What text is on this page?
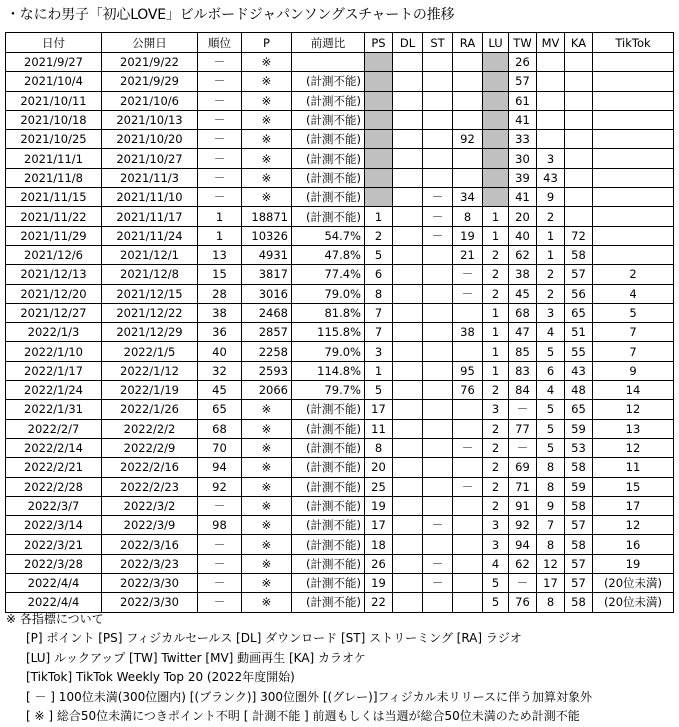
・なにわ男子「初心LOVE」ビルボードジャパンソングスチャートの推移
日付	公開日	順位	P	前週比	PS	DL	ST	RA	LU	TW	MV	KA	TikTok
2021/9/27	2021/9/22	－	※							26			
2021/10/4	2021/9/29	－	※	(計測不能)						57			
2021/10/11	2021/10/6	－	※	(計測不能)						61			
2021/10/18	2021/10/13	－	※	(計測不能)						41			
2021/10/25	2021/10/20	－	※	(計測不能)				92		33			
2021/11/1	2021/10/27	－	※	(計測不能)						30	3		
2021/11/8	2021/11/3	－	※	(計測不能)						39	43		
2021/11/15	2021/11/10	－	※	(計測不能)			－	34		41	9		
2021/11/22	2021/11/17	1	18871	(計測不能)	1		－	8	1	20	2		
2021/11/29	2021/11/24	1	10326	54.7%	2		－	19	1	40	1	72	
2021/12/6	2021/12/1	13	4931	47.8%	5			21	2	62	1	58	
2021/12/13	2021/12/8	15	3817	77.4%	6			－	2	38	2	57	2
2021/12/20	2021/12/15	28	3016	79.0%	8			－	2	45	2	56	4
2021/12/27	2021/12/22	38	2468	81.8%	7				1	68	3	65	5
2022/1/3	2021/12/29	36	2857	115.8%	7			38	1	47	4	51	7
2022/1/10	2022/1/5	40	2258	79.0%	3				1	85	5	55	7
2022/1/17	2022/1/12	32	2593	114.8%	1			95	1	83	6	43	9
2022/1/24	2022/1/19	45	2066	79.7%	5			76	2	84	4	48	14
2022/1/31	2022/1/26	65	※	(計測不能)	17				3	－	5	65	12
2022/2/7	2022/2/2	68	※	(計測不能)	11				2	77	5	59	13
2022/2/14	2022/2/9	70	※	(計測不能)	8			－	2	－	5	53	12
2022/2/21	2022/2/16	94	※	(計測不能)	20				2	69	8	58	11
2022/2/28	2022/2/23	92	※	(計測不能)	25			－	2	71	8	59	15
2022/3/7	2022/3/2	－	※	(計測不能)	19				2	91	9	58	17
2022/3/14	2022/3/9	98	※	(計測不能)	17		－		3	92	7	57	12
2022/3/21	2022/3/16	－	※	(計測不能)	18				3	94	8	58	16
2022/3/28	2022/3/23	－	※	(計測不能)	26		－		4	62	12	57	19
2022/4/4	2022/3/30	－	※	(計測不能)	19		－		5	－	17	57	(20位未満)
2022/4/4	2022/3/30	－	※	(計測不能)	22				5	76	8	58	(20位未満)
※ 各指標について
[P] ポイント [PS] フィジカルセールス [DL] ダウンロード [ST] ストリーミング [RA] ラジオ
[LU] ルックアップ [TW] Twitter [MV] 動画再生 [KA] カラオケ
[TikTok] TikTok Weekly Top 20 (2022年度開始)
[ － ] 100位未満(300位圏内) [(ブランク)] 300位圏外 [(グレー)]フィジカル未リリースに伴う加算対象外
[ ※ ] 総合50位未満につきポイント不明 [ 計測不能 ] 前週もしくは当週が総合50位未満のため計測不能
